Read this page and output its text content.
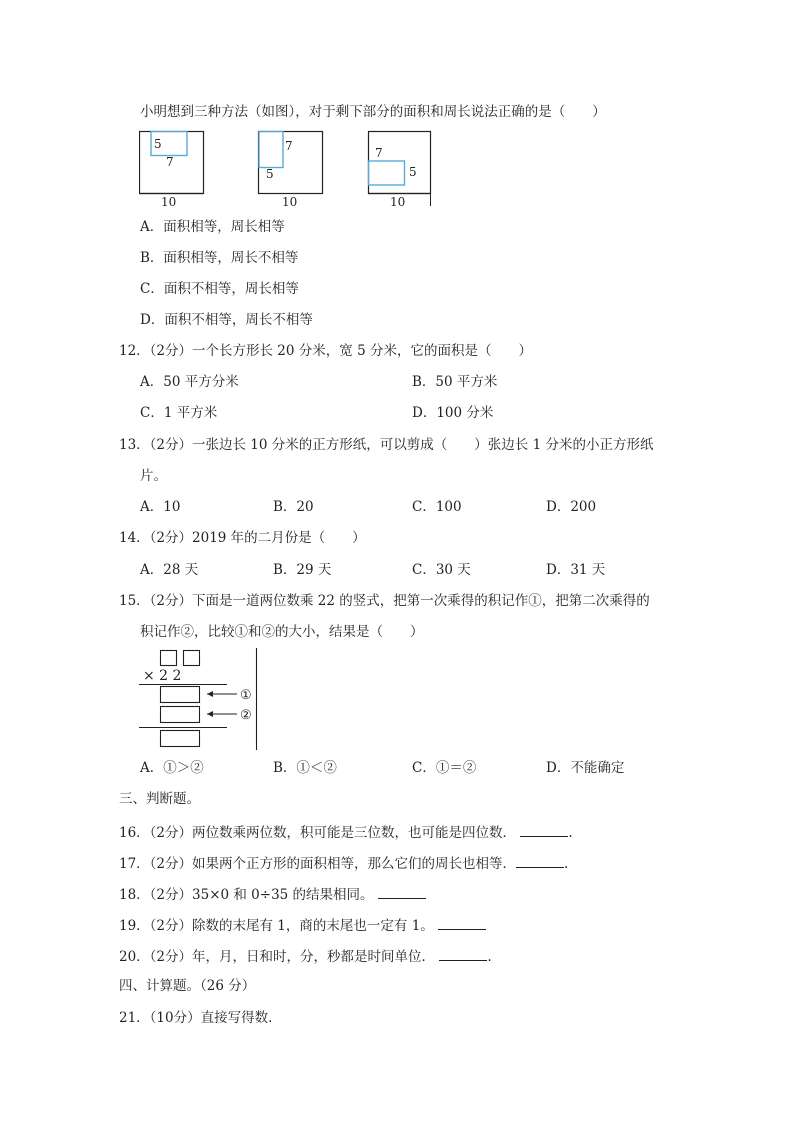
小明想到三种方法（如图），对于剩下部分的面积和周长说法正确的是（　　）
5
7
10
7
5
10
7
5
10
A．面积相等，周长相等
B．面积相等，周长不相等
C．面积不相等，周长相等
D．面积不相等，周长不相等
12．（2分）一个长方形长 20 分米，宽 5 分米，它的面积是（　　）
A．50 平方分米	B．50 平方米
C．1 平方米	D．100 分米
13．（2分）一张边长 10 分米的正方形纸，可以剪成（　　）张边长 1 分米的小正方形纸
片。
A．10	B．20	C．100	D．200
14．（2分）2019 年的二月份是（　　）
A．28 天	B．29 天	C．30 天	D．31 天
15．（2分）下面是一道两位数乘 22 的竖式，把第一次乘得的积记作①，把第二次乘得的
积记作②，比较①和②的大小，结果是（　　）
× 2 2
①
②
A．①＞②	B．①＜②	C．①＝②	D．不能确定
三、判断题。
16．（2分）两位数乘两位数，积可能是三位数，也可能是四位数．	.
17．（2分）如果两个正方形的面积相等，那么它们的周长也相等．	.
18．（2分）35×0 和 0÷35 的结果相同。
19．（2分）除数的末尾有 1，商的末尾也一定有 1。
20．（2分）年，月，日和时，分，秒都是时间单位．	.
四、计算题。（26 分）
21．（10分）直接写得数．
